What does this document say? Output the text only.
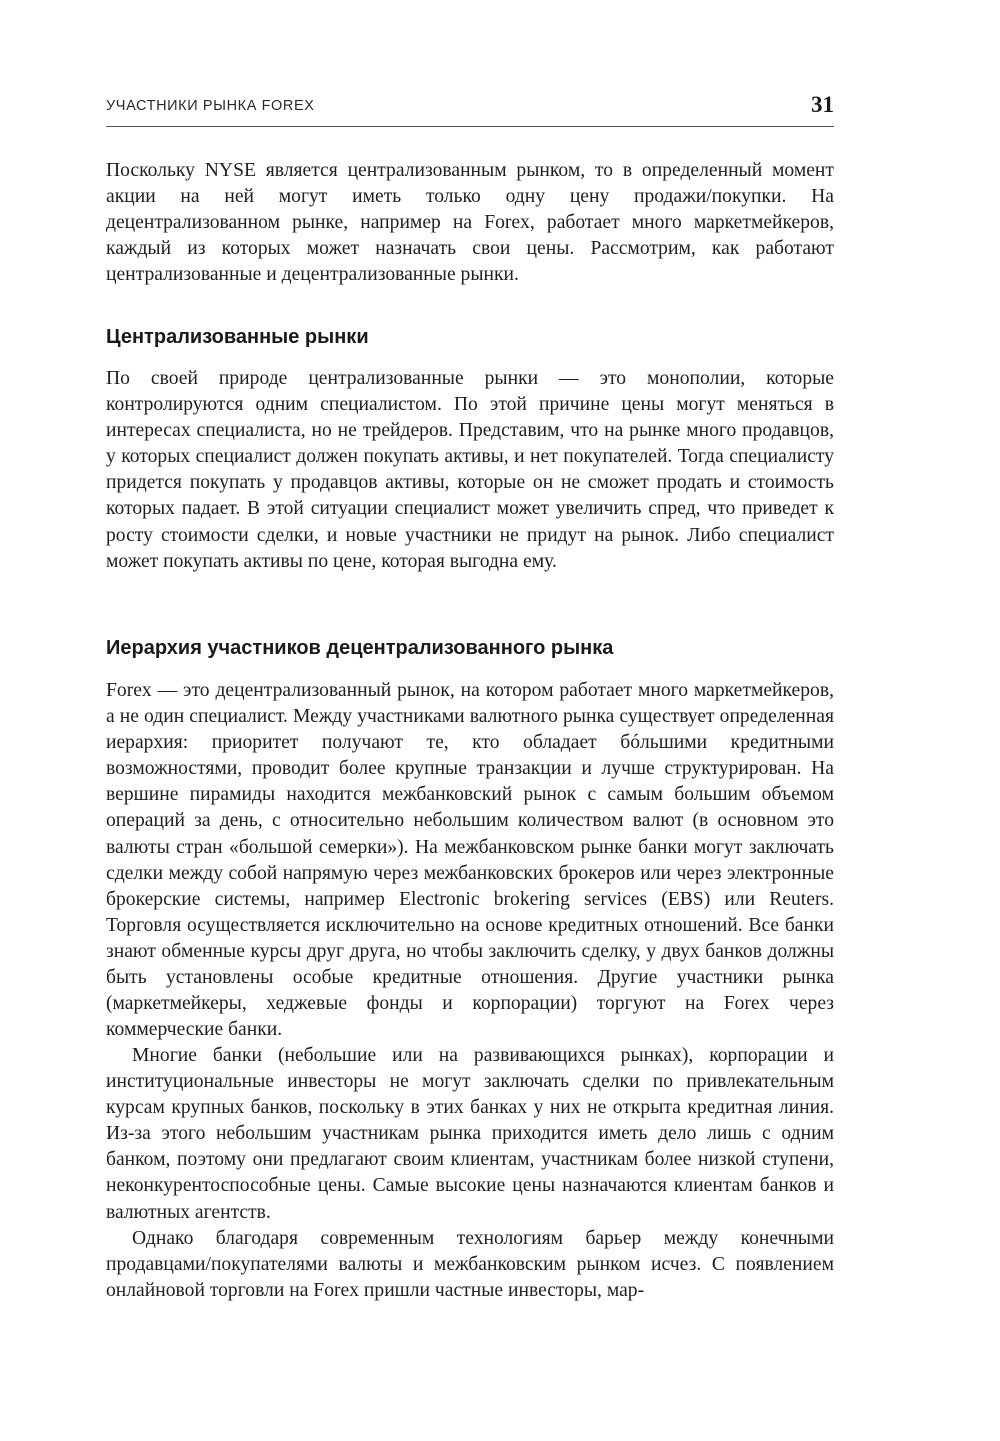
УЧАСТНИКИ РЫНКА FOREX	31

Поскольку NYSE является централизованным рынком, то в определенный момент акции на ней могут иметь только одну цену продажи/покупки. На децентрализованном рынке, например на Forex, работает много маркетмейкеров, каждый из которых может назначать свои цены. Рассмотрим, как работают централизованные и децентрализованные рынки.

Централизованные рынки

По своей природе централизованные рынки — это монополии, которые контролируются одним специалистом. По этой причине цены могут меняться в интересах специалиста, но не трейдеров. Представим, что на рынке много продавцов, у которых специалист должен покупать активы, и нет покупателей. Тогда специалисту придется покупать у продавцов активы, которые он не сможет продать и стоимость которых падает. В этой ситуации специалист может увеличить спред, что приведет к росту стоимости сделки, и новые участники не придут на рынок. Либо специалист может покупать активы по цене, которая выгодна ему.

Иерархия участников децентрализованного рынка

Forex — это децентрализованный рынок, на котором работает много маркетмейкеров, а не один специалист. Между участниками валютного рынка существует определенная иерархия: приоритет получают те, кто обладает бóльшими кредитными возможностями, проводит более крупные транзакции и лучше структурирован. На вершине пирамиды находится межбанковский рынок с самым большим объемом операций за день, с относительно небольшим количеством валют (в основном это валюты стран «большой семерки»). На межбанковском рынке банки могут заключать сделки между собой напрямую через межбанковских брокеров или через электронные брокерские системы, например Electronic brokering services (EBS) или Reuters. Торговля осуществляется исключительно на основе кредитных отношений. Все банки знают обменные курсы друг друга, но чтобы заключить сделку, у двух банков должны быть установлены особые кредитные отношения. Другие участники рынка (маркетмейкеры, хеджевые фонды и корпорации) торгуют на Forex через коммерческие банки.

Многие банки (небольшие или на развивающихся рынках), корпорации и институциональные инвесторы не могут заключать сделки по привлекательным курсам крупных банков, поскольку в этих банках у них не открыта кредитная линия. Из-за этого небольшим участникам рынка приходится иметь дело лишь с одним банком, поэтому они предлагают своим клиентам, участникам более низкой ступени, неконкурентоспособные цены. Самые высокие цены назначаются клиентам банков и валютных агентств.

Однако благодаря современным технологиям барьер между конечными продавцами/покупателями валюты и межбанковским рынком исчез. С появлением онлайновой торговли на Forex пришли частные инвесторы, мар-
